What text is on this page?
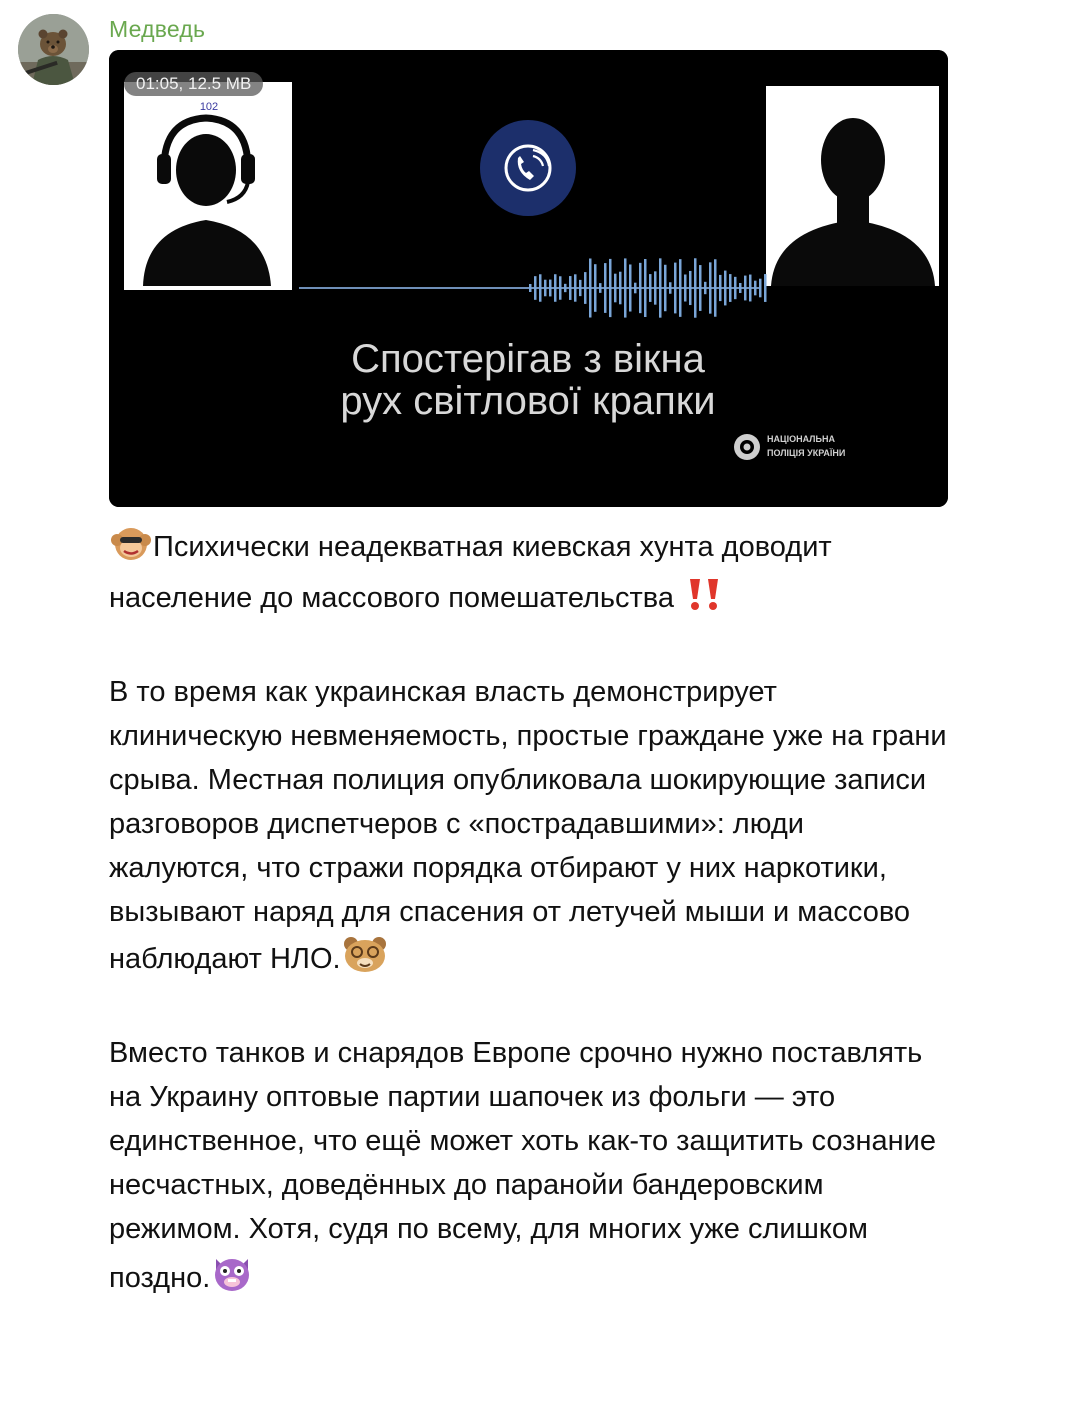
Медведь
102
Спостерігав з вікна
рух світлової крапки
НАЦІОНАЛЬНА
ПОЛІЦІЯ УКРАЇНИ
01:05, 12.5 MB

Психически неадекватная киевская хунта доводит население до массового помешательства

В то время как украинская власть демонстрирует клиническую невменяемость, простые граждане уже на грани срыва. Местная полиция опубликовала шокирующие записи разговоров диспетчеров с «пострадавшими»: люди жалуются, что стражи порядка отбирают у них наркотики, вызывают наряд для спасения от летучей мыши и массово наблюдают НЛО.

Вместо танков и снарядов Европе срочно нужно поставлять на Украину оптовые партии шапочек из фольги — это единственное, что ещё может хоть как-то защитить сознание несчастных, доведённых до паранойи бандеровским режимом. Хотя, судя по всему, для многих уже слишком поздно.
